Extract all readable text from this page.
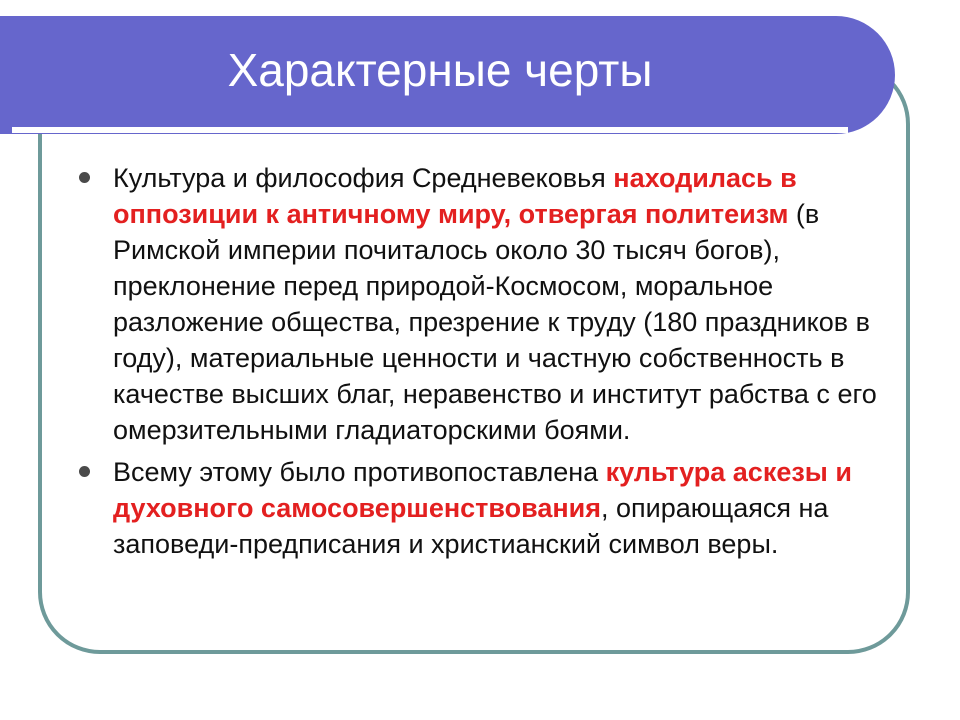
Характерные черты
Культура и философия Средневековья находилась в оппозиции к античному миру, отвергая политеизм (в Римской империи почиталось около 30 тысяч богов), преклонение перед природой-Космосом, моральное разложение общества, презрение к труду (180 праздников в году), материальные ценности и частную собственность в качестве высших благ, неравенство и институт рабства с его омерзительными гладиаторскими боями.
Всему этому было противопоставлена культура аскезы и духовного самосовершенствования, опирающаяся на заповеди-предписания и христианский символ веры.
